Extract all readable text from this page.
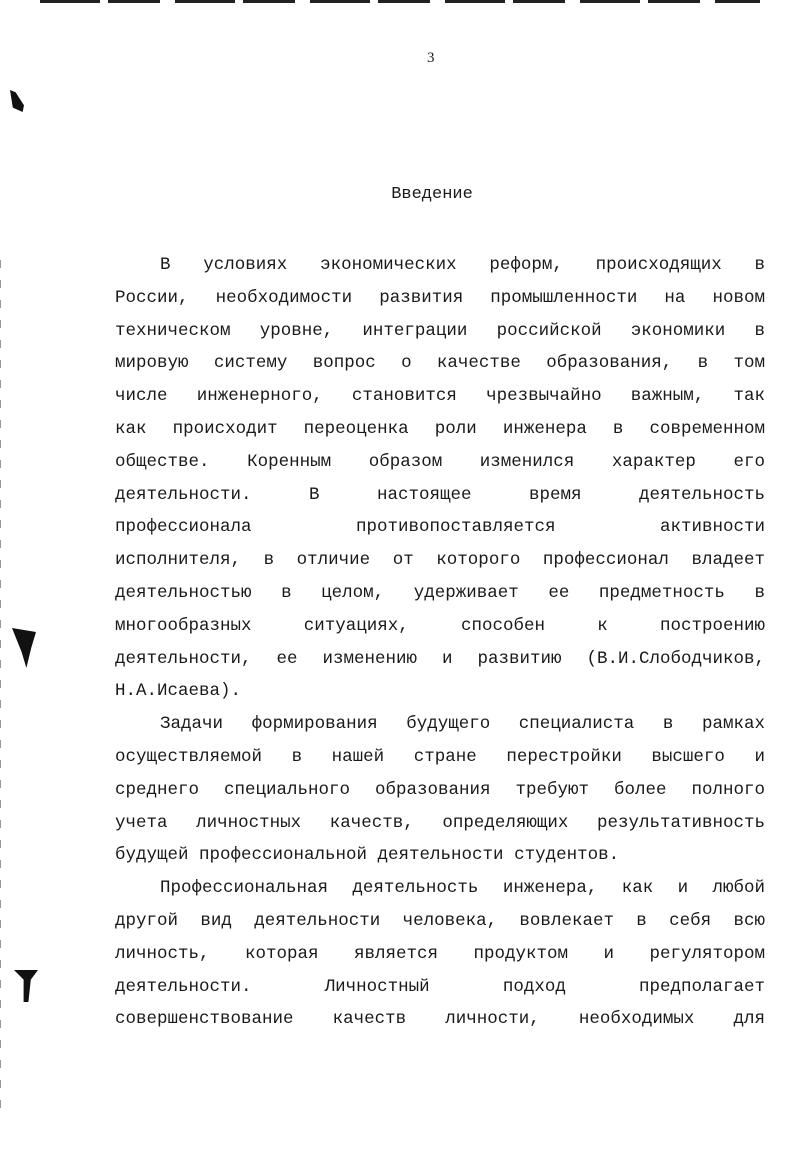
3
Введение
В условиях экономических реформ, происходящих в
России, необходимости развития промышленности на новом
техническом уровне, интеграции российской экономики в
мировую систему вопрос о качестве образования, в том
числе инженерного, становится чрезвычайно важным, так
как происходит переоценка роли инженера в современном
обществе. Коренным образом изменился характер его
деятельности. В настоящее время деятельность
профессионала противопоставляется активности
исполнителя, в отличие от которого профессионал владеет
деятельностью в целом, удерживает ее предметность в
многообразных ситуациях, способен к построению
деятельности, ее изменению и развитию (В.И.Слободчиков,
Н.А.Исаева).
Задачи формирования будущего специалиста в рамках
осуществляемой в нашей стране перестройки высшего и
среднего специального образования требуют более полного
учета личностных качеств, определяющих результативность
будущей профессиональной деятельности студентов.
Профессиональная деятельность инженера, как и любой
другой вид деятельности человека, вовлекает в себя всю
личность, которая является продуктом и регулятором
деятельности. Личностный подход предполагает
совершенствование качеств личности, необходимых для
